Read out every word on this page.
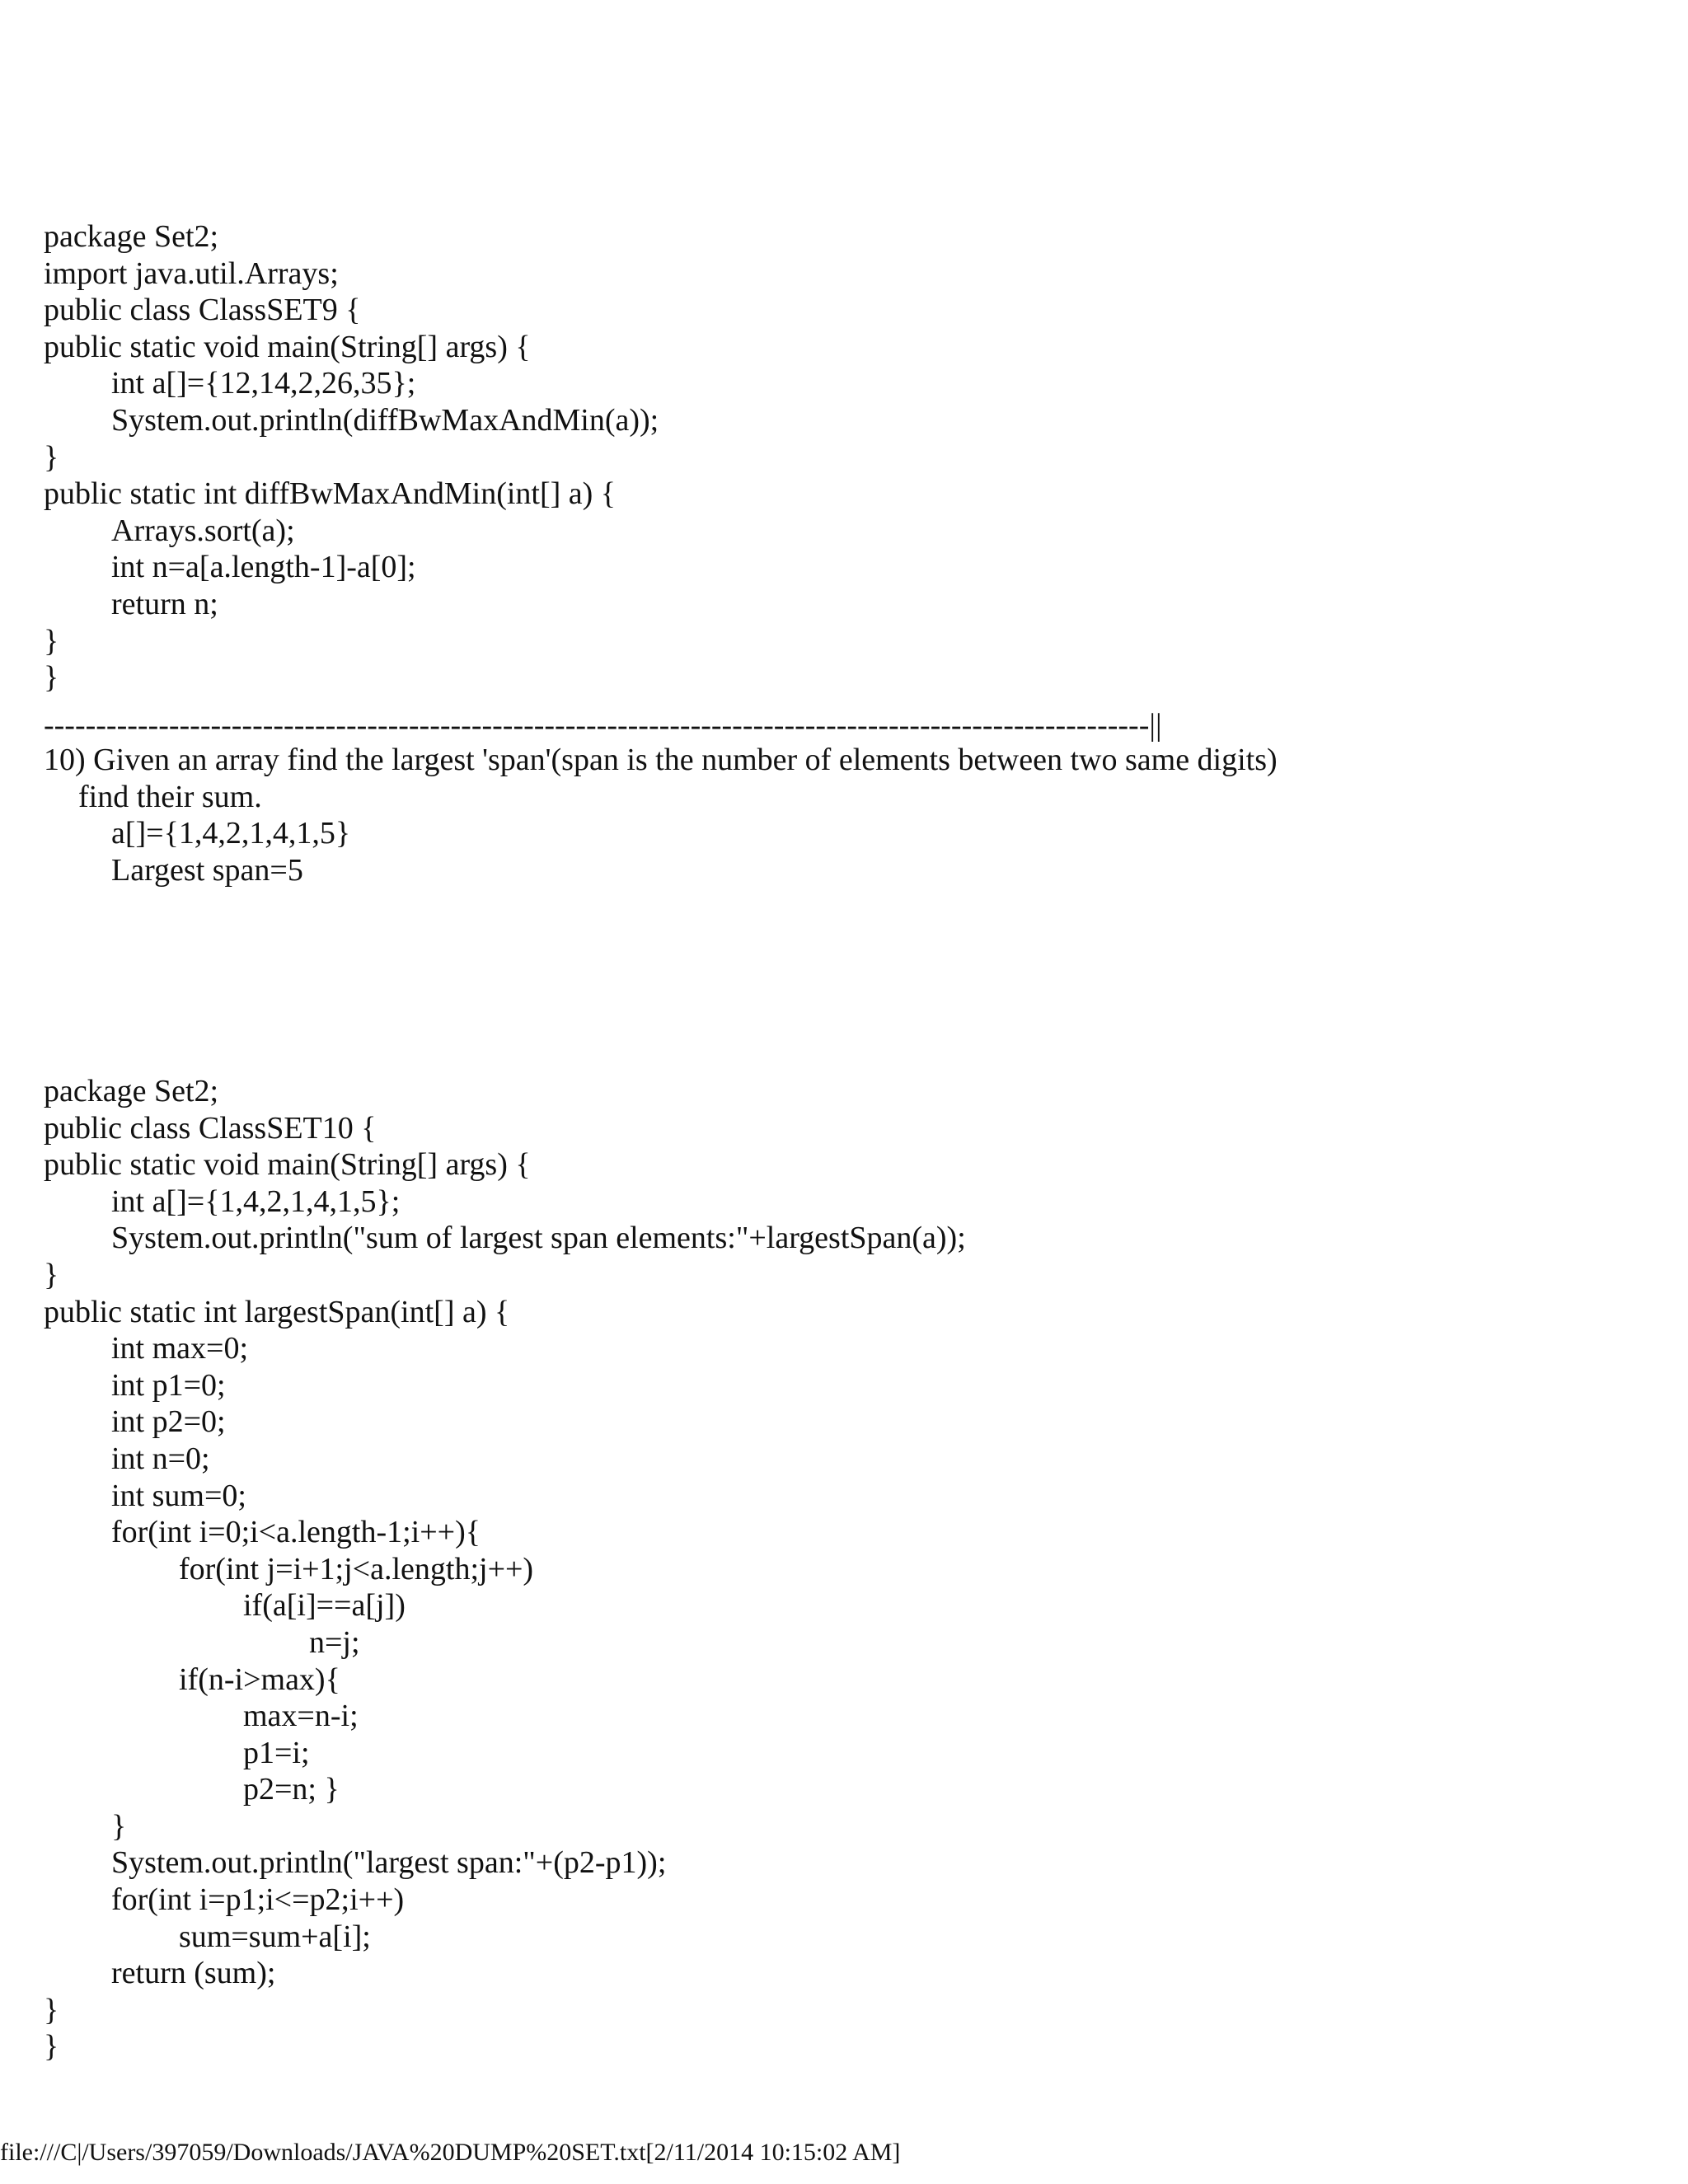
package Set2;
import java.util.Arrays;
public class ClassSET9 {
public static void main(String[] args) {
int a[]={12,14,2,26,35};
System.out.println(diffBwMaxAndMin(a));
}
public static int diffBwMaxAndMin(int[] a) {
Arrays.sort(a);
int n=a[a.length-1]-a[0];
return n;
}
}
----------------------------------------------------------------------------------------------------------||
10) Given an array find the largest 'span'(span is the number of elements between two same digits)
find their sum.
a[]={1,4,2,1,4,1,5}
Largest span=5
package Set2;
public class ClassSET10 {
public static void main(String[] args) {
int a[]={1,4,2,1,4,1,5};
System.out.println("sum of largest span elements:"+largestSpan(a));
}
public static int largestSpan(int[] a) {
int max=0;
int p1=0;
int p2=0;
int n=0;
int sum=0;
for(int i=0;i<a.length-1;i++){
for(int j=i+1;j<a.length;j++)
if(a[i]==a[j])
n=j;
if(n-i>max){
max=n-i;
p1=i;
p2=n; }
}
System.out.println("largest span:"+(p2-p1));
for(int i=p1;i<=p2;i++)
sum=sum+a[i];
return (sum);
}
}
file:///C|/Users/397059/Downloads/JAVA%20DUMP%20SET.txt[2/11/2014 10:15:02 AM]
